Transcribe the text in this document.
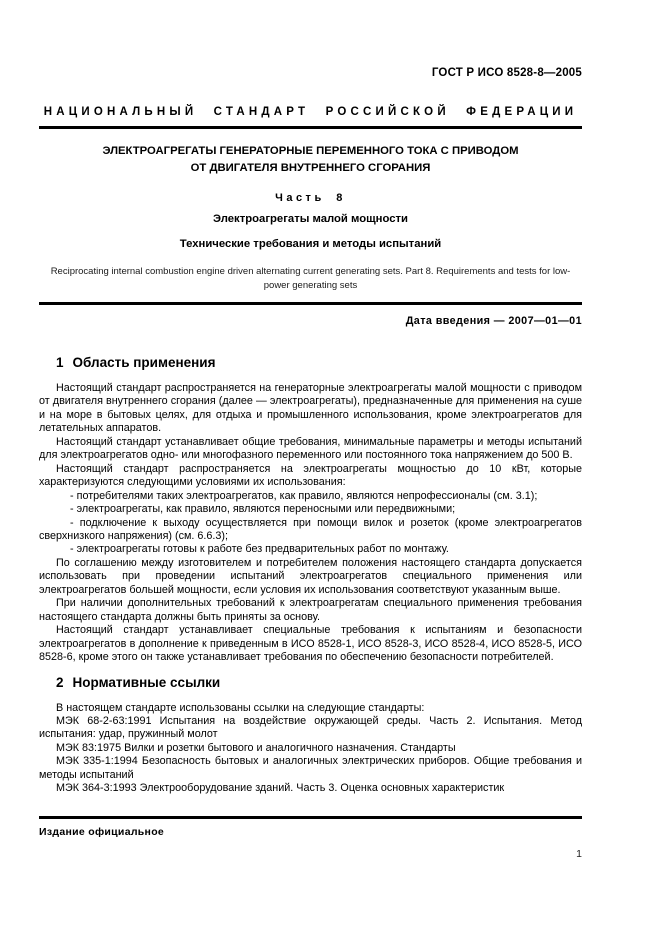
ГОСТ Р ИСО 8528-8—2005
НАЦИОНАЛЬНЫЙ СТАНДАРТ РОССИЙСКОЙ ФЕДЕРАЦИИ
ЭЛЕКТРОАГРЕГАТЫ ГЕНЕРАТОРНЫЕ ПЕРЕМЕННОГО ТОКА С ПРИВОДОМ
ОТ ДВИГАТЕЛЯ ВНУТРЕННЕГО СГОРАНИЯ
Часть 8
Электроагрегаты малой мощности
Технические требования и методы испытаний
Reciprocating internal combustion engine driven alternating current generating sets. Part 8. Requirements and tests for low-power generating sets
Дата введения — 2007—01—01
1 Область применения

Настоящий стандарт распространяется на генераторные электроагрегаты малой мощности с приводом от двигателя внутреннего сгорания (далее — электроагрегаты), предназначенные для применения на суше и на море в бытовых целях, для отдыха и промышленного использования, кроме электроагрегатов для летательных аппаратов.

Настоящий стандарт устанавливает общие требования, минимальные параметры и методы испытаний для электроагрегатов одно- или многофазного переменного или постоянного тока напряжением до 500 В.

Настоящий стандарт распространяется на электроагрегаты мощностью до 10 кВт, которые характеризуются следующими условиями их использования:

- потребителями таких электроагрегатов, как правило, являются непрофессионалы (см. 3.1);

- электроагрегаты, как правило, являются переносными или передвижными;

- подключение к выходу осуществляется при помощи вилок и розеток (кроме электроагрегатов сверхнизкого напряжения) (см. 6.6.3);

- электроагрегаты готовы к работе без предварительных работ по монтажу.

По соглашению между изготовителем и потребителем положения настоящего стандарта допускается использовать при проведении испытаний электроагрегатов специального применения или электроагрегатов большей мощности, если условия их использования соответствуют указанным выше.

При наличии дополнительных требований к электроагрегатам специального применения требования настоящего стандарта должны быть приняты за основу.

Настоящий стандарт устанавливает специальные требования к испытаниям и безопасности электроагрегатов в дополнение к приведенным в ИСО 8528-1, ИСО 8528-3, ИСО 8528-4, ИСО 8528-5, ИСО 8528-6, кроме этого он также устанавливает требования по обеспечению безопасности потребителей.

2 Нормативные ссылки

В настоящем стандарте использованы ссылки на следующие стандарты:

МЭК 68-2-63:1991 Испытания на воздействие окружающей среды. Часть 2. Испытания. Метод испытания: удар, пружинный молот

МЭК 83:1975 Вилки и розетки бытового и аналогичного назначения. Стандарты

МЭК 335-1:1994 Безопасность бытовых и аналогичных электрических приборов. Общие требования и методы испытаний

МЭК 364-3:1993 Электрооборудование зданий. Часть 3. Оценка основных характеристик

Издание официальное
1
